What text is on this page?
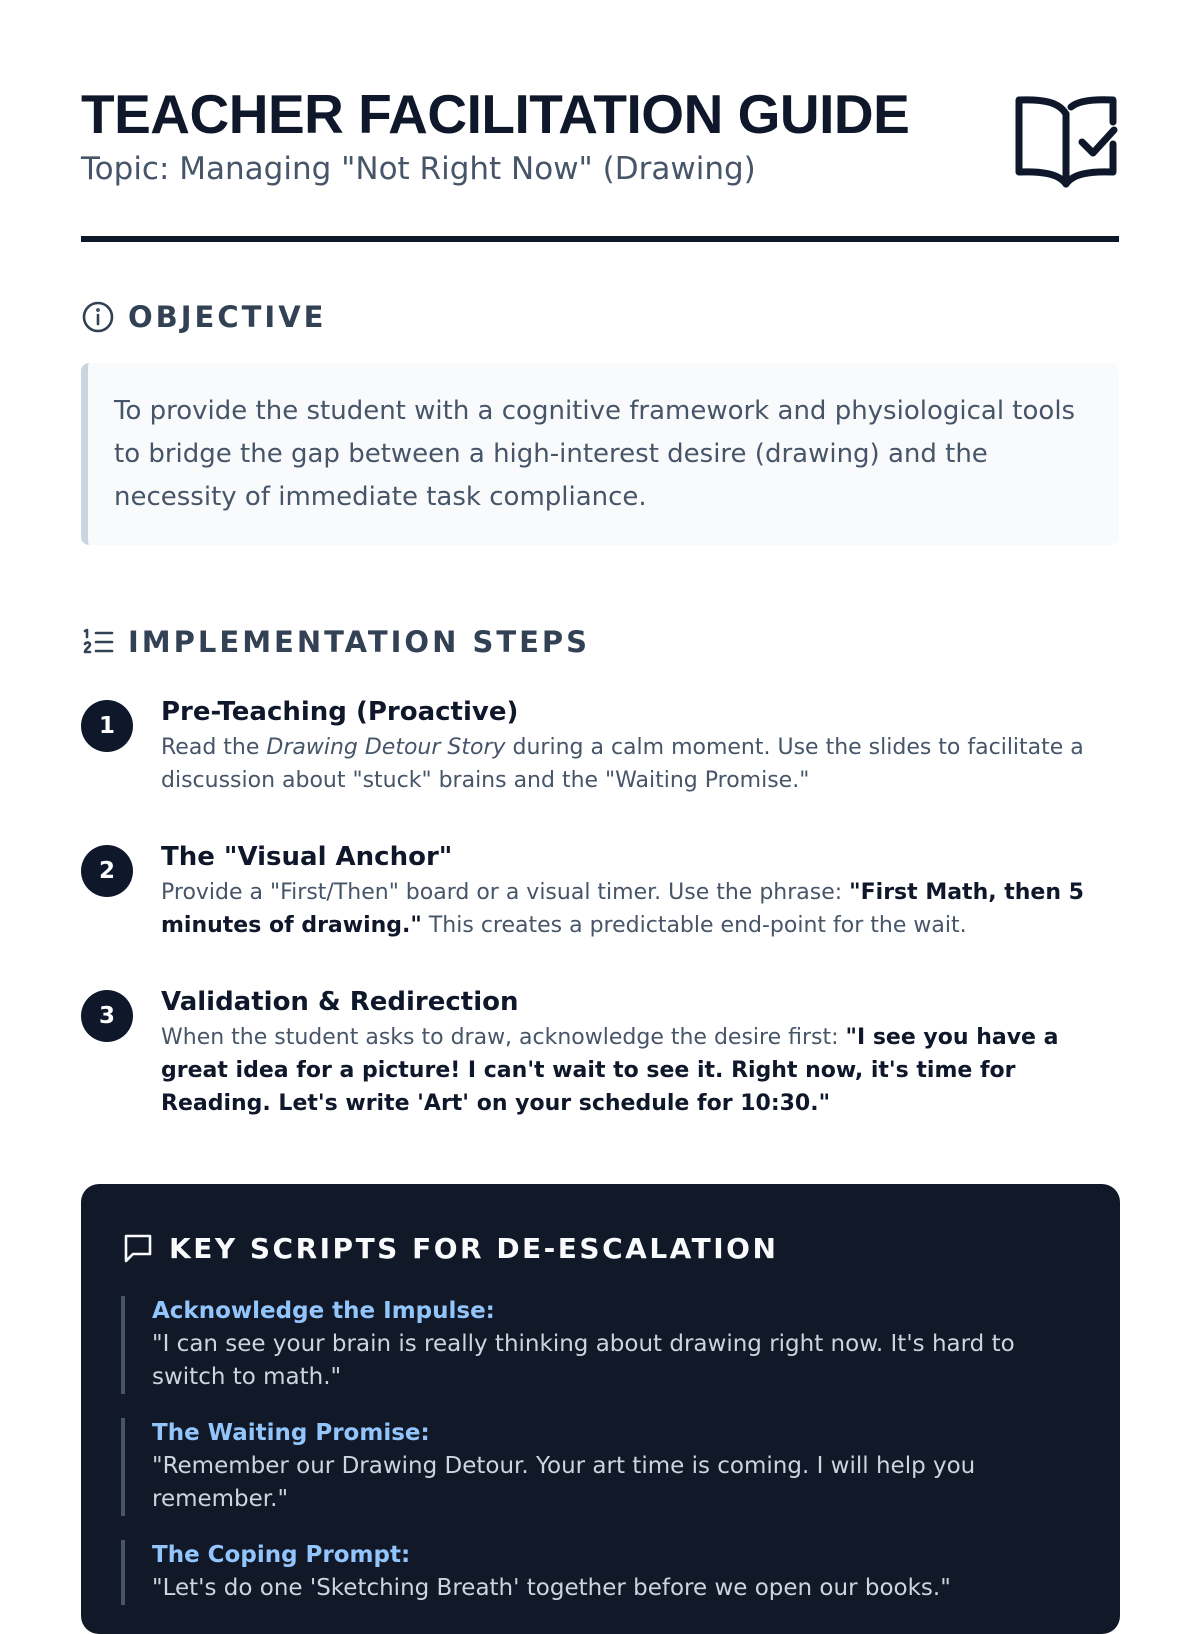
TEACHER FACILITATION GUIDE

Topic: Managing "Not Right Now" (Drawing)

OBJECTIVE
To provide the student with a cognitive framework and physiological tools to bridge the gap between a high-interest desire (drawing) and the necessity of immediate task compliance.
IMPLEMENTATION STEPS
1	Pre-Teaching (Proactive)
Read the Drawing Detour Story during a calm moment. Use the slides to facilitate a discussion about "stuck" brains and the "Waiting Promise."
2	The "Visual Anchor"
Provide a "First/Then" board or a visual timer. Use the phrase: "First Math, then 5 minutes of drawing." This creates a predictable end-point for the wait.
3	Validation & Redirection
When the student asks to draw, acknowledge the desire first: "I see you have a great idea for a picture! I can't wait to see it. Right now, it's time for Reading. Let's write 'Art' on your schedule for 10:30."
KEY SCRIPTS FOR DE-ESCALATION
Acknowledge the Impulse:
"I can see your brain is really thinking about drawing right now. It's hard to switch to math."
The Waiting Promise:
"Remember our Drawing Detour. Your art time is coming. I will help you remember."
The Coping Prompt:
"Let's do one 'Sketching Breath' together before we open our books."
